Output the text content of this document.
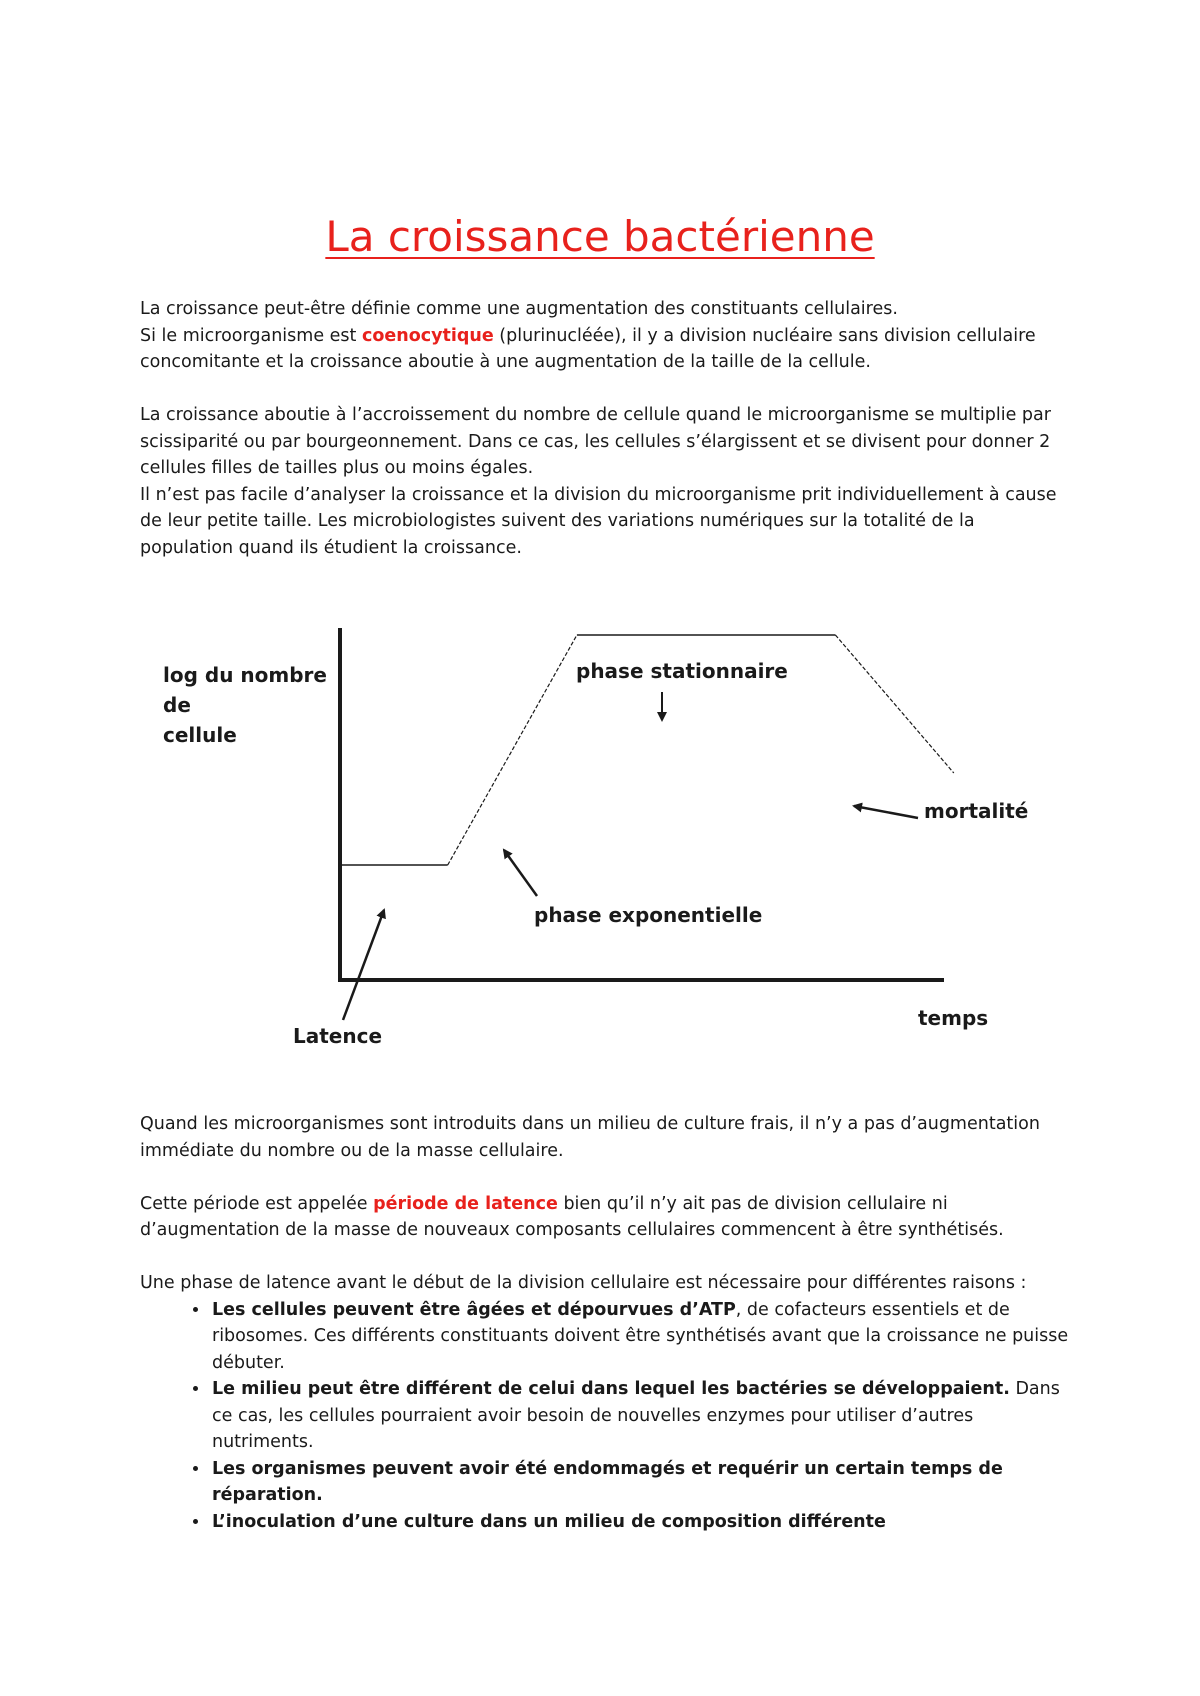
La croissance bactérienne

La croissance peut-être définie comme une augmentation des constituants cellulaires.

Si le microorganisme est coenocytique (plurinucléée), il y a division nucléaire sans division cellulaire concomitante et la croissance aboutie à une augmentation de la taille de la cellule.

La croissance aboutie à l’accroissement du nombre de cellule quand le microorganisme se multiplie par scissiparité ou par bourgeonnement. Dans ce cas, les cellules s’élargissent et se divisent pour donner 2 cellules filles de tailles plus ou moins égales.

Il n’est pas facile d’analyser la croissance et la division du microorganisme prit individuellement à cause de leur petite taille. Les microbiologistes suivent des variations numériques sur la totalité de la population quand ils étudient la croissance.

log du nombre
de
cellule
temps
phase stationnaire
mortalité
phase exponentielle
Latence

Quand les microorganismes sont introduits dans un milieu de culture frais, il n’y a pas d’augmentation immédiate du nombre ou de la masse cellulaire.

Cette période est appelée période de latence bien qu’il n’y ait pas de division cellulaire ni d’augmentation de la masse de nouveaux composants cellulaires commencent à être synthétisés.

Une phase de latence avant le début de la division cellulaire est nécessaire pour différentes raisons :

• Les cellules peuvent être âgées et dépourvues d’ATP, de cofacteurs essentiels et de ribosomes. Ces différents constituants doivent être synthétisés avant que la croissance ne puisse débuter.
• Le milieu peut être différent de celui dans lequel les bactéries se développaient. Dans ce cas, les cellules pourraient avoir besoin de nouvelles enzymes pour utiliser d’autres nutriments.
• Les organismes peuvent avoir été endommagés et requérir un certain temps de réparation.
• L’inoculation d’une culture dans un milieu de composition différente
